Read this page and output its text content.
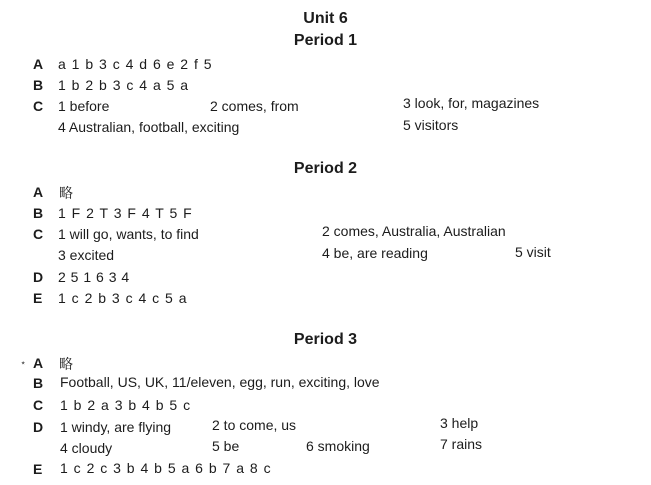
Unit 6
Period 1
A a 1 b 3 c 4 d 6 e 2 f 5
B 1 b 2 b 3 c 4 a 5 a
C 1 before	2 comes, from	3 look, for, magazines
4 Australian, football, exciting	5 visitors
Period 2
A 略
B 1 F 2 T 3 F 4 T 5 F
C 1 will go, wants, to find	2 comes, Australia, Australian
3 excited	4 be, are reading	5 visit
D 2 5 1 6 3 4
E 1 c 2 b 3 c 4 c 5 a
Period 3
⋆ A 略
B Football, US, UK, 11/eleven, egg, run, exciting, love
C 1 b 2 a 3 b 4 b 5 c
D 1 windy, are flying	2 to come, us	3 help
4 cloudy	5 be	6 smoking	7 rains
E 1 c 2 c 3 b 4 b 5 a 6 b 7 a 8 c
